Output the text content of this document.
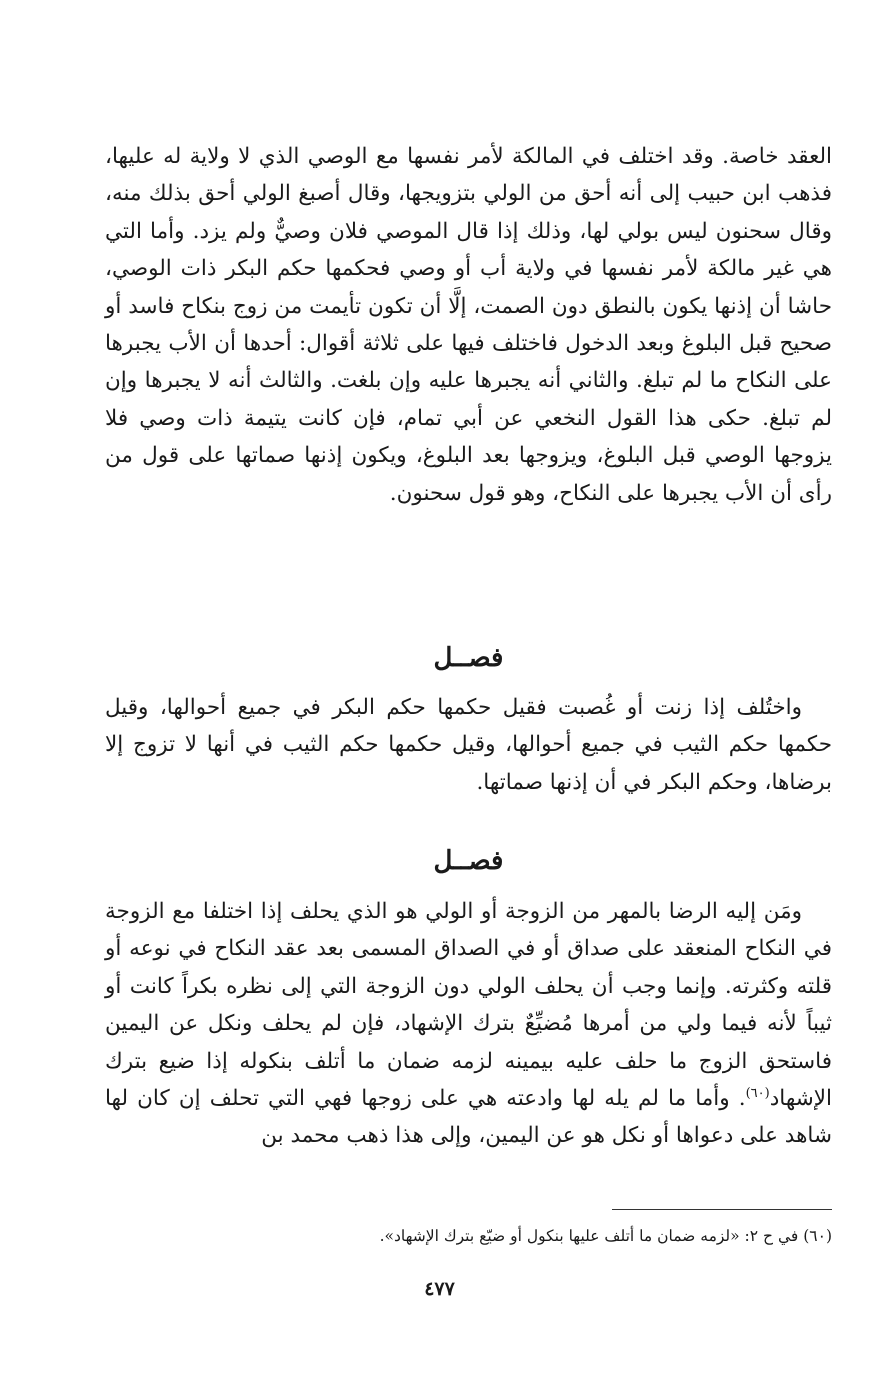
العقد خاصة. وقد اختلف في المالكة لأمر نفسها مع الوصي الذي لا ولاية له عليها، فذهب ابن حبيب إلى أنه أحق من الولي بتزويجها، وقال أصبغ الولي أحق بذلك منه، وقال سحنون ليس بولي لها، وذلك إذا قال الموصي فلان وصيٌّ ولم يزد. وأما التي هي غير مالكة لأمر نفسها في ولاية أب أو وصي فحكمها حكم البكر ذات الوصي، حاشا أن إذنها يكون بالنطق دون الصمت، إلَّا أن تكون تأيمت من زوج بنكاح فاسد أو صحيح قبل البلوغ وبعد الدخول فاختلف فيها على ثلاثة أقوال: أحدها أن الأب يجبرها على النكاح ما لم تبلغ. والثاني أنه يجبرها عليه وإن بلغت. والثالث أنه لا يجبرها وإن لم تبلغ. حكى هذا القول النخعي عن أبي تمام، فإن كانت يتيمة ذات وصي فلا يزوجها الوصي قبل البلوغ، ويزوجها بعد البلوغ، ويكون إذنها صماتها على قول من رأى أن الأب يجبرها على النكاح، وهو قول سحنون.

فصــل

واختُلف إذا زنت أو غُصبت فقيل حكمها حكم البكر في جميع أحوالها، وقيل حكمها حكم الثيب في جميع أحوالها، وقيل حكمها حكم الثيب في أنها لا تزوج إلا برضاها، وحكم البكر في أن إذنها صماتها.

فصــل

ومَن إليه الرضا بالمهر من الزوجة أو الولي هو الذي يحلف إذا اختلفا مع الزوجة في النكاح المنعقد على صداق أو في الصداق المسمى بعد عقد النكاح في نوعه أو قلته وكثرته. وإنما وجب أن يحلف الولي دون الزوجة التي إلى نظره بكراً كانت أو ثيباً لأنه فيما ولي من أمرها مُضيِّعٌ بترك الإشهاد، فإن لم يحلف ونكل عن اليمين فاستحق الزوج ما حلف عليه بيمينه لزمه ضمان ما أتلف بنكوله إذا ضيع بترك الإشهاد$^{(٦٠)}$. وأما ما لم يله لها وادعته هي على زوجها فهي التي تحلف إن كان لها شاهد على دعواها أو نكل هو عن اليمين، وإلى هذا ذهب محمد بن

(٦٠) في ح ٢: «لزمه ضمان ما أتلف عليها بنكول أو ضيّع بترك الإشهاد».

٤٧٧
